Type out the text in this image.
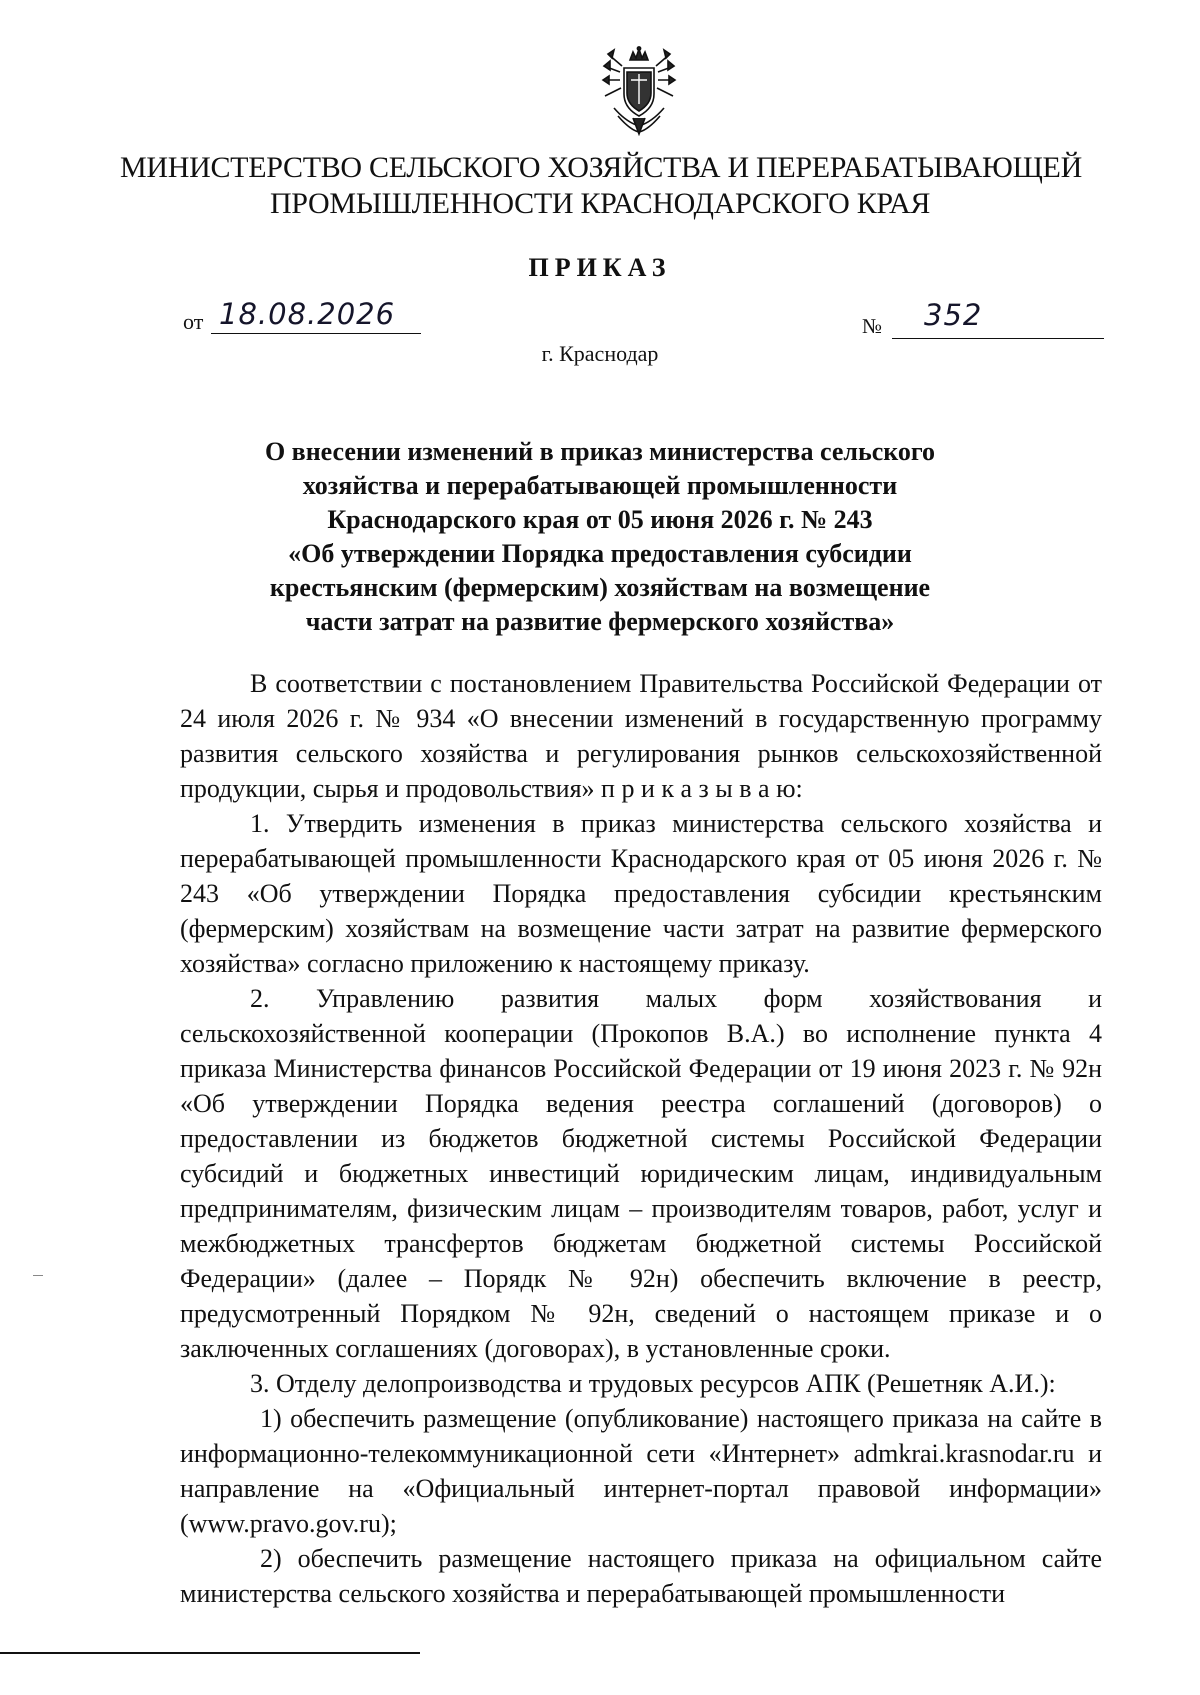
МИНИСТЕРСТВО СЕЛЬСКОГО ХОЗЯЙСТВА И ПЕРЕРАБАТЫВАЮЩЕЙ
ПРОМЫШЛЕННОСТИ КРАСНОДАРСКОГО КРАЯ
ПРИКАЗ
от 18.08.2026	№ 352
г. Краснодар
О внесении изменений в приказ министерства сельского
хозяйства и перерабатывающей промышленности
Краснодарского края от 05 июня 2026 г. № 243
«Об утверждении Порядка предоставления субсидии
крестьянским (фермерским) хозяйствам на возмещение
части затрат на развитие фермерского хозяйства»

В соответствии с постановлением Правительства Российской Федерации от 24 июля 2026 г. № 934 «О внесении изменений в государственную программу развития сельского хозяйства и регулирования рынков сельскохозяйственной продукции, сырья и продовольствия» п р и к а з ы в а ю:

1. Утвердить изменения в приказ министерства сельского хозяйства и перерабатывающей промышленности Краснодарского края от 05 июня 2026 г. № 243 «Об утверждении Порядка предоставления субсидии крестьянским (фермерским) хозяйствам на возмещение части затрат на развитие фермерского хозяйства» согласно приложению к настоящему приказу.

2. Управлению развития малых форм хозяйствования и сельскохозяйственной кооперации (Прокопов В.А.) во исполнение пункта 4 приказа Министерства финансов Российской Федерации от 19 июня 2023 г. № 92н «Об утверждении Порядка ведения реестра соглашений (договоров) о предоставлении из бюджетов бюджетной системы Российской Федерации субсидий и бюджетных инвестиций юридическим лицам, индивидуальным предпринимателям, физическим лицам – производителям товаров, работ, услуг и межбюджетных трансфертов бюджетам бюджетной системы Российской Федерации» (далее – Порядк № 92н) обеспечить включение в реестр, предусмотренный Порядком № 92н, сведений о настоящем приказе и о заключенных соглашениях (договорах), в установленные сроки.

3. Отделу делопроизводства и трудовых ресурсов АПК (Решетняк А.И.):

1) обеспечить размещение (опубликование) настоящего приказа на сайте в информационно-телекоммуникационной сети «Интернет» admkrai.krasnodar.ru и направление на «Официальный интернет-портал правовой информации» (www.pravo.gov.ru);

2) обеспечить размещение настоящего приказа на официальном сайте министерства сельского хозяйства и перерабатывающей промышленности
